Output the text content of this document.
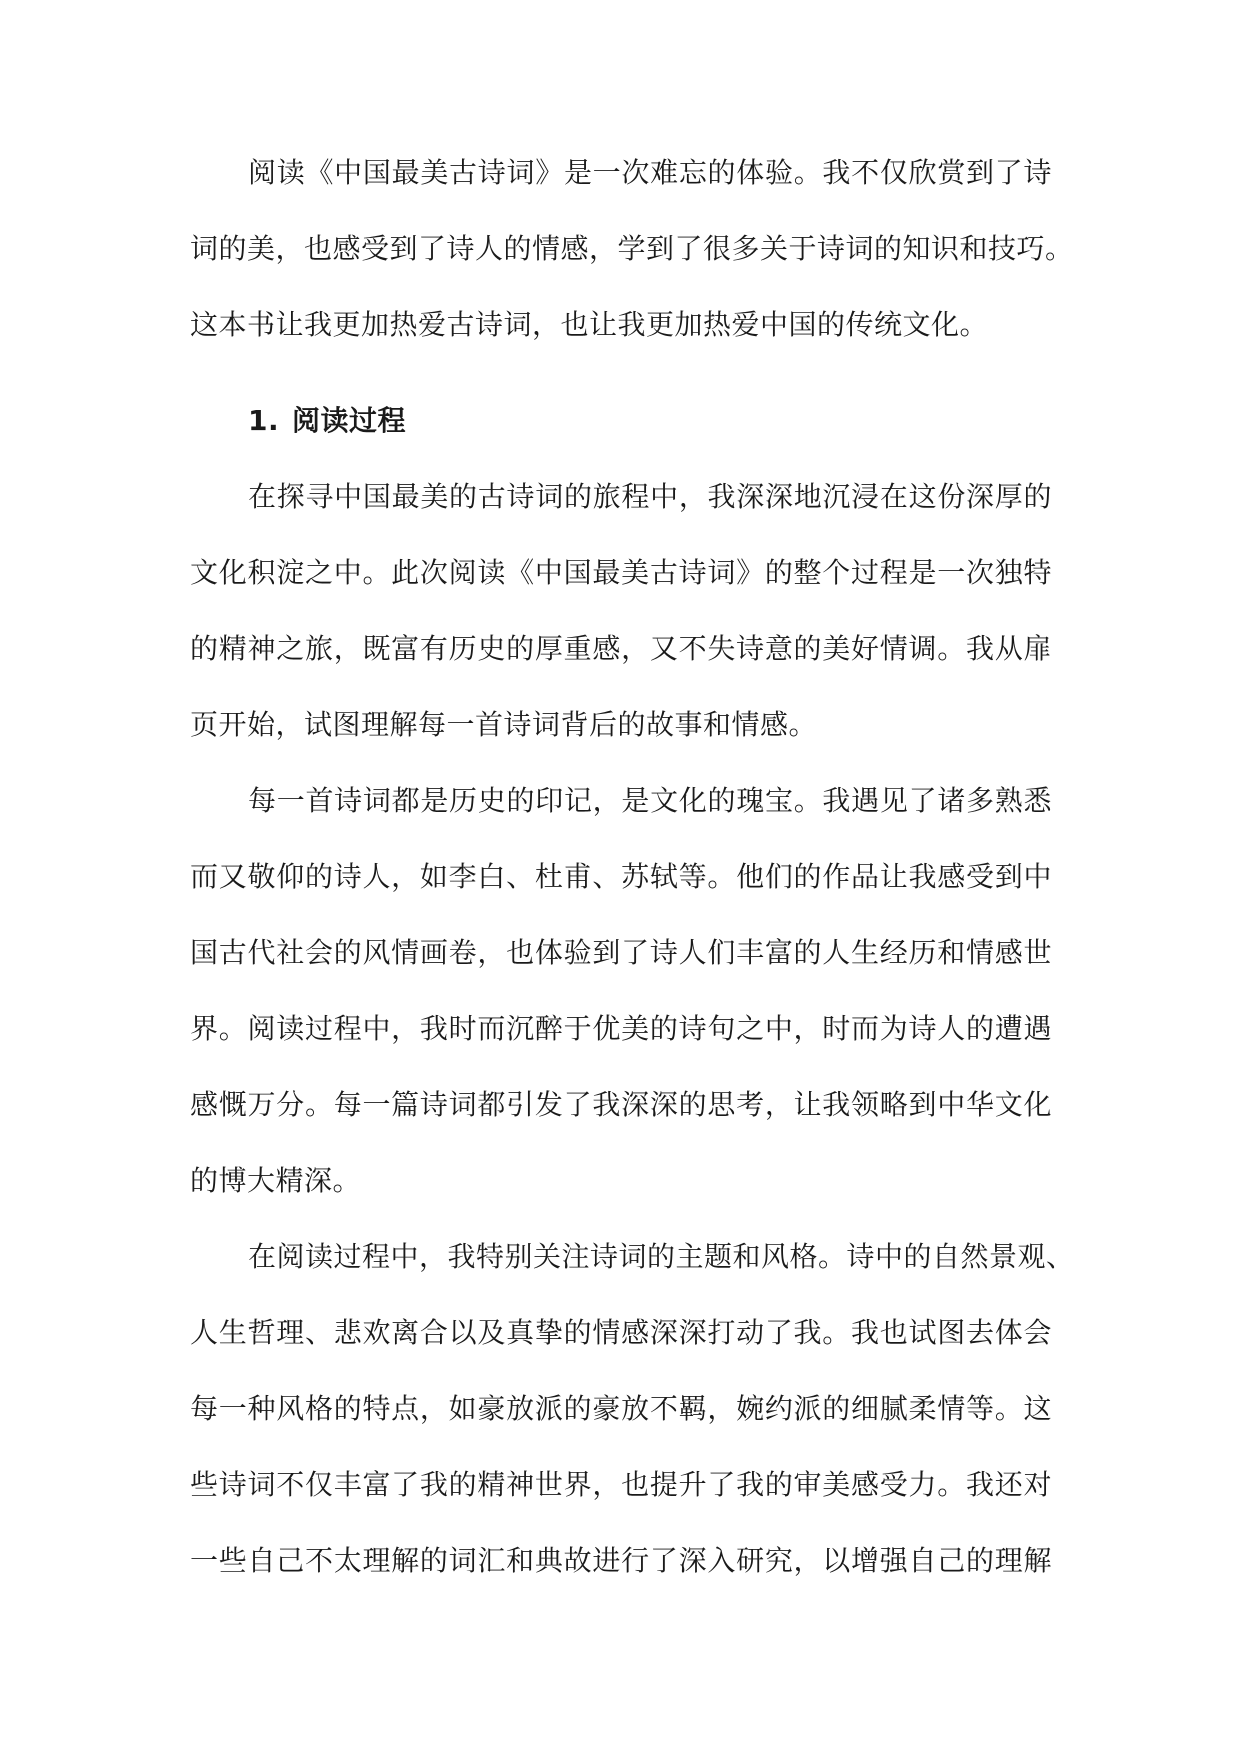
阅读《中国最美古诗词》是一次难忘的体验。我不仅欣赏到了诗
词的美，也感受到了诗人的情感，学到了很多关于诗词的知识和技巧。
这本书让我更加热爱古诗词，也让我更加热爱中国的传统文化。
1. 阅读过程
在探寻中国最美的古诗词的旅程中，我深深地沉浸在这份深厚的
文化积淀之中。此次阅读《中国最美古诗词》的整个过程是一次独特
的精神之旅，既富有历史的厚重感，又不失诗意的美好情调。我从扉
页开始，试图理解每一首诗词背后的故事和情感。
每一首诗词都是历史的印记，是文化的瑰宝。我遇见了诸多熟悉
而又敬仰的诗人，如李白、杜甫、苏轼等。他们的作品让我感受到中
国古代社会的风情画卷，也体验到了诗人们丰富的人生经历和情感世
界。阅读过程中，我时而沉醉于优美的诗句之中，时而为诗人的遭遇
感慨万分。每一篇诗词都引发了我深深的思考，让我领略到中华文化
的博大精深。
在阅读过程中，我特别关注诗词的主题和风格。诗中的自然景观、
人生哲理、悲欢离合以及真挚的情感深深打动了我。我也试图去体会
每一种风格的特点，如豪放派的豪放不羁，婉约派的细腻柔情等。这
些诗词不仅丰富了我的精神世界，也提升了我的审美感受力。我还对
一些自己不太理解的词汇和典故进行了深入研究，以增强自己的理解
